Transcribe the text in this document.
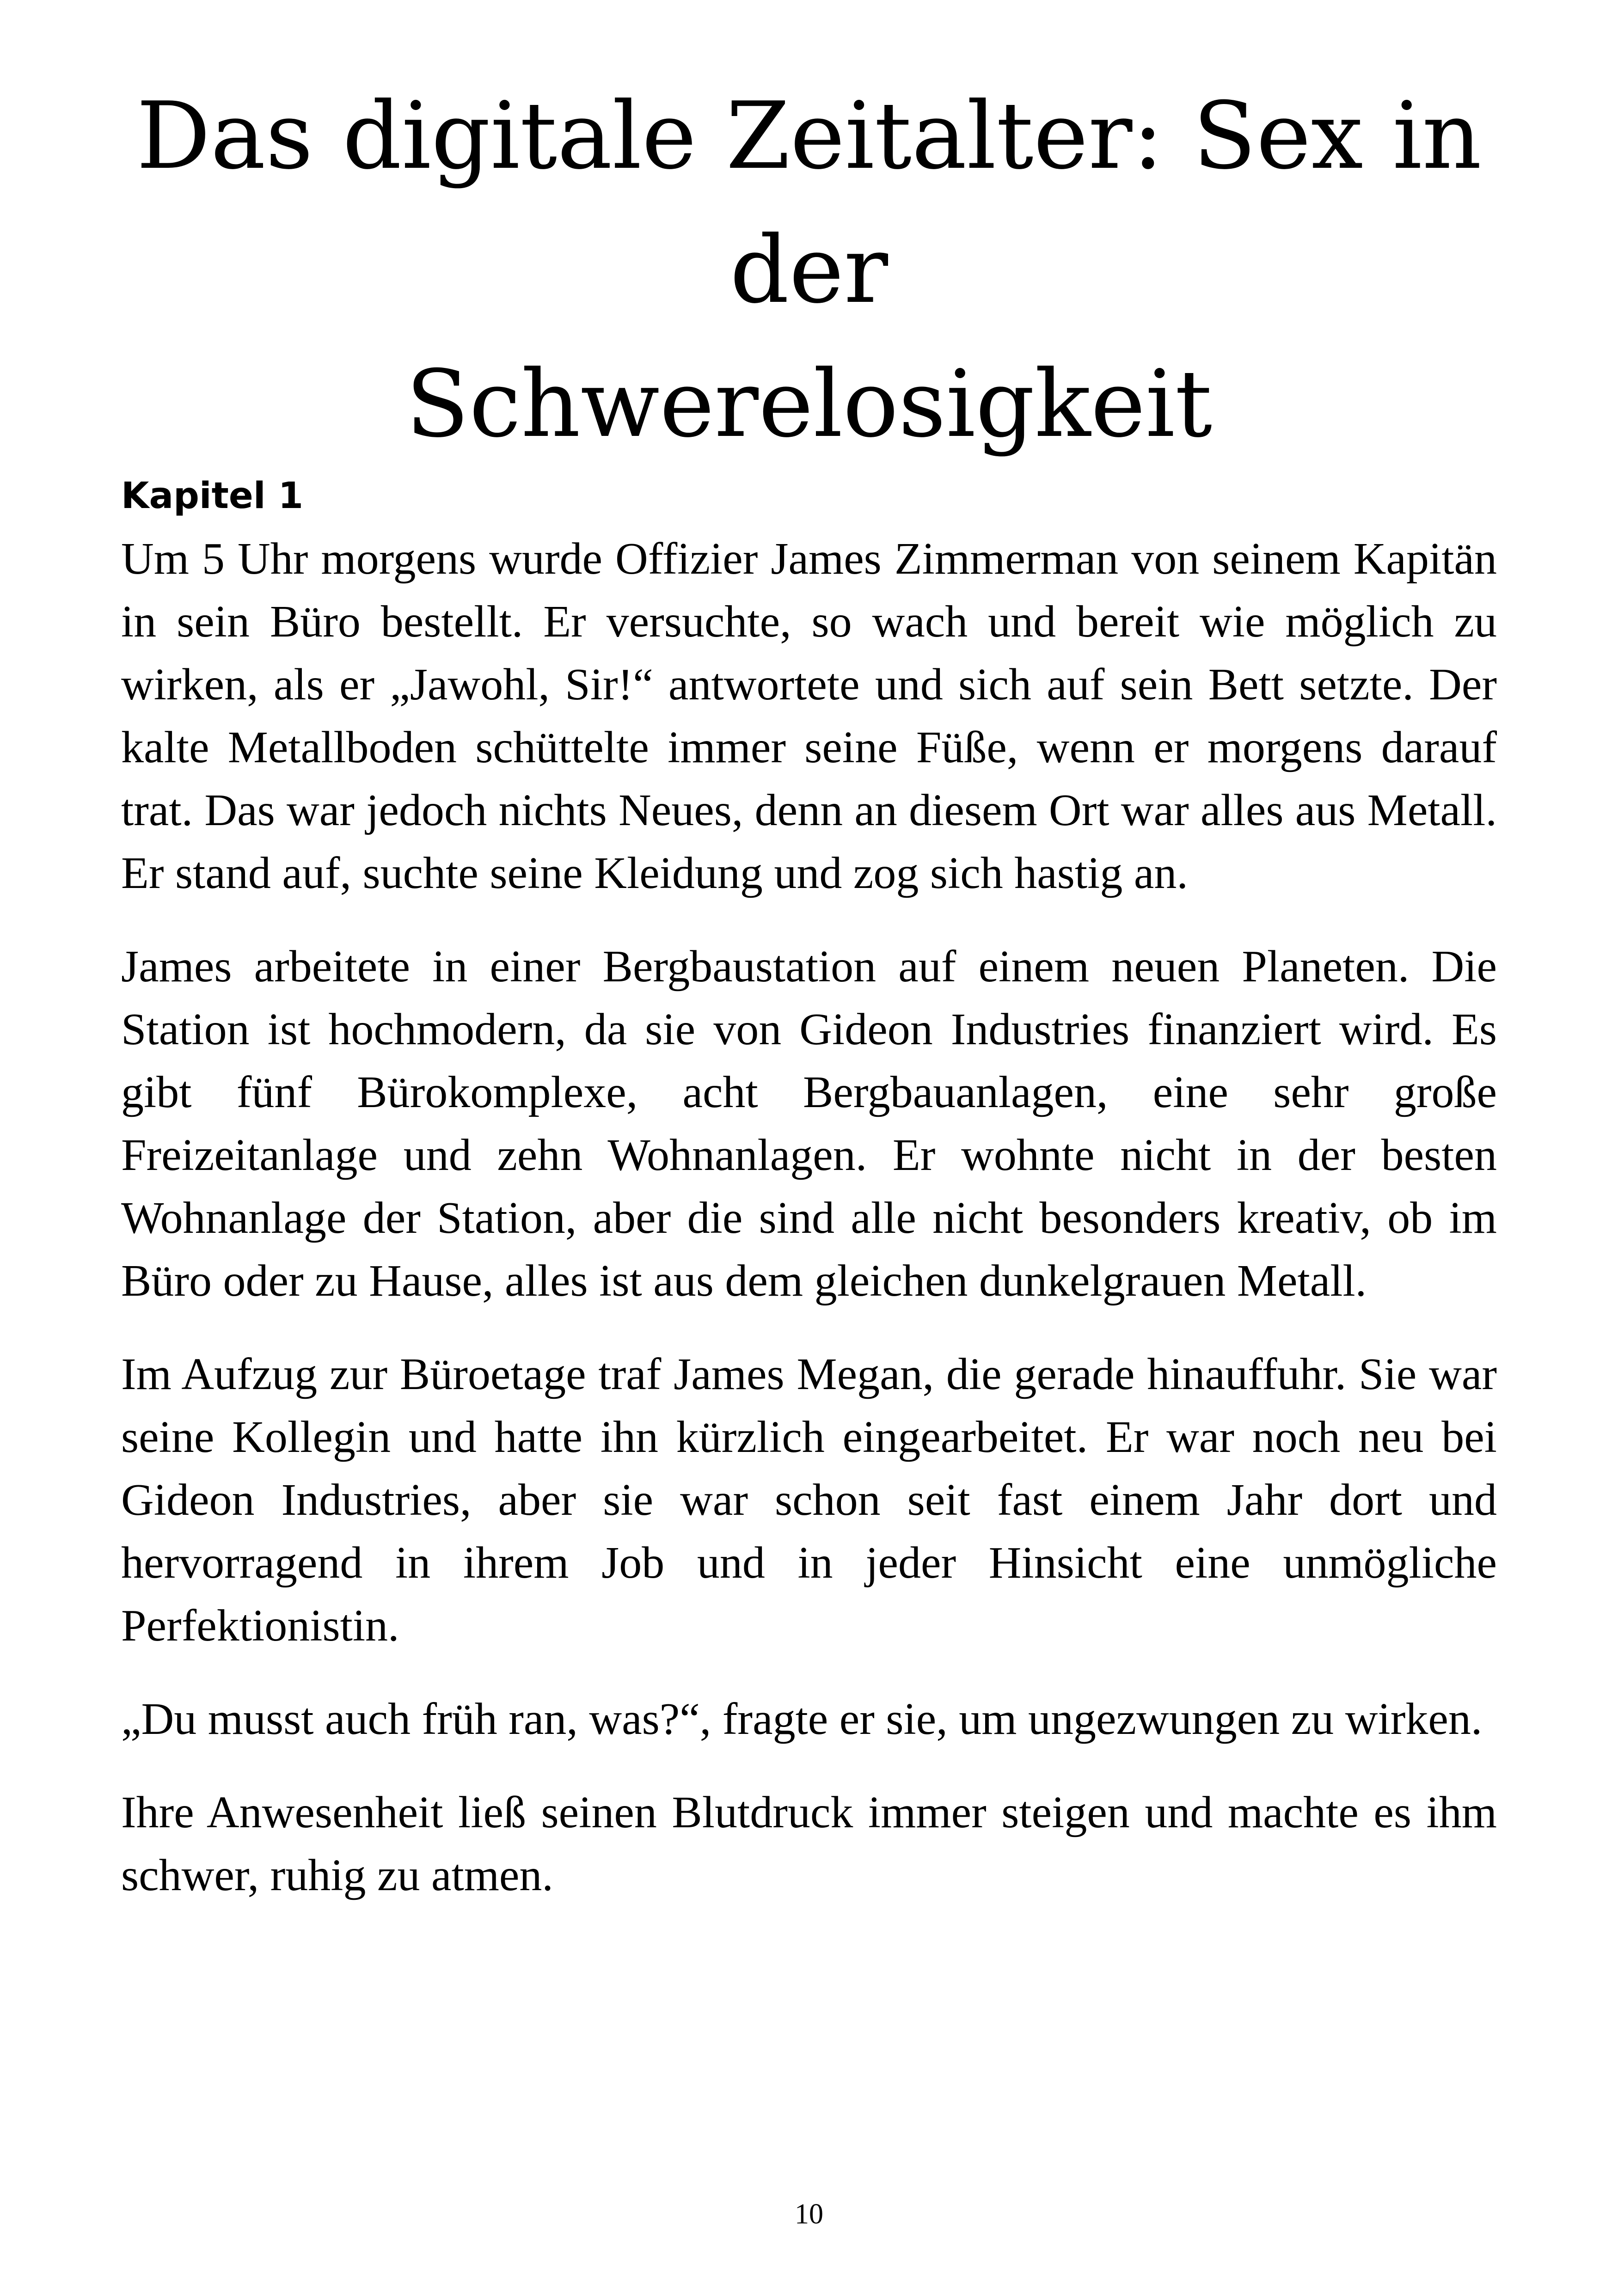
Das digitale Zeitalter: Sex in der
Schwerelosigkeit
Kapitel 1

Um 5 Uhr morgens wurde Offizier James Zimmerman von seinem Kapitän in sein Büro bestellt. Er versuchte, so wach und bereit wie möglich zu wirken, als er „Jawohl, Sir!“ antwortete und sich auf sein Bett setzte. Der kalte Metallboden schüttelte immer seine Füße, wenn er morgens darauf trat. Das war jedoch nichts Neues, denn an diesem Ort war alles aus Metall. Er stand auf, suchte seine Kleidung und zog sich hastig an.

James arbeitete in einer Bergbaustation auf einem neuen Planeten. Die Station ist hochmodern, da sie von Gideon Industries finanziert wird. Es gibt fünf Bürokomplexe, acht Bergbauanlagen, eine sehr große Freizeitanlage und zehn Wohnanlagen. Er wohnte nicht in der besten Wohnanlage der Station, aber die sind alle nicht besonders kreativ, ob im Büro oder zu Hause, alles ist aus dem gleichen dunkelgrauen Metall.

Im Aufzug zur Büroetage traf James Megan, die gerade hinauffuhr. Sie war seine Kollegin und hatte ihn kürzlich eingearbeitet. Er war noch neu bei Gideon Industries, aber sie war schon seit fast einem Jahr dort und hervorragend in ihrem Job und in jeder Hinsicht eine unmögliche Perfektionistin.

„Du musst auch früh ran, was?“, fragte er sie, um ungezwungen zu wirken.

Ihre Anwesenheit ließ seinen Blutdruck immer steigen und machte es ihm schwer, ruhig zu atmen.

10
